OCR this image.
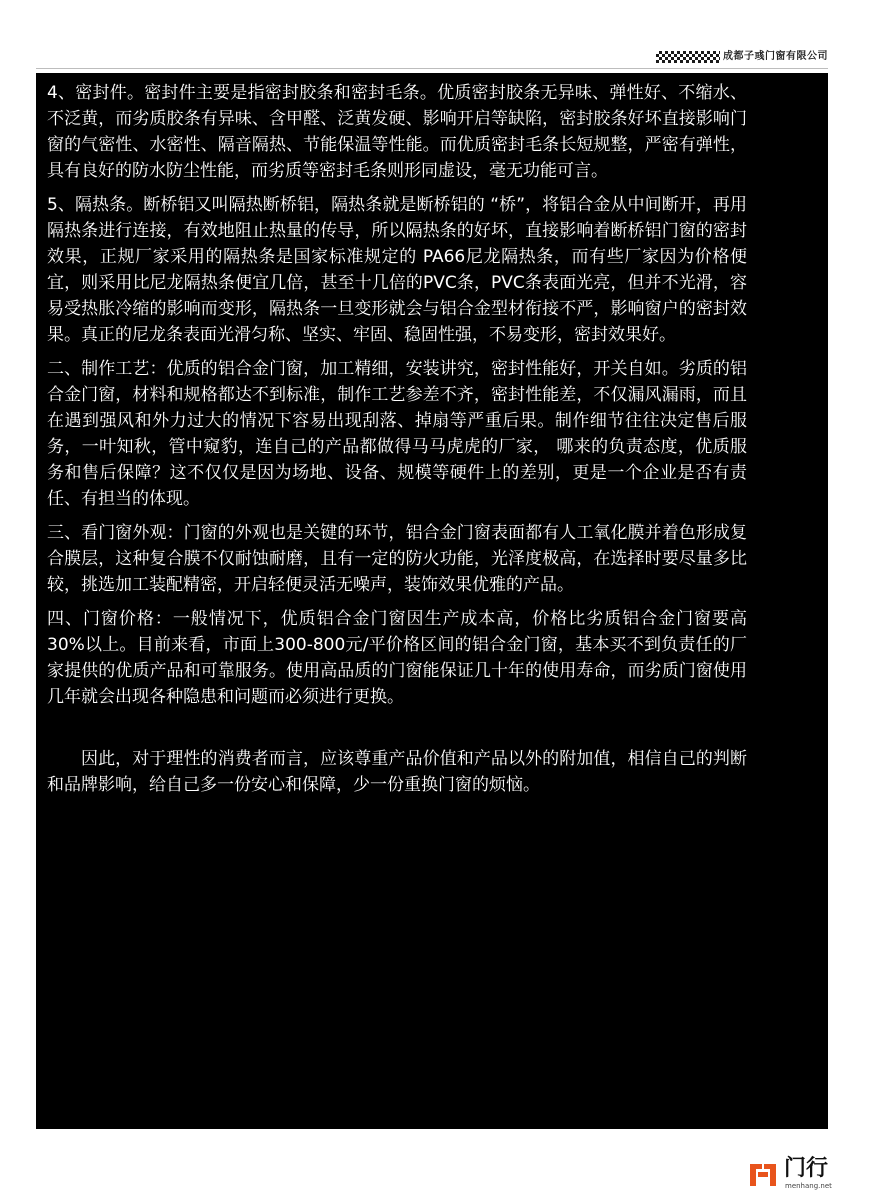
成都子彧门窗有限公司

4、密封件。密封件主要是指密封胶条和密封毛条。优质密封胶条无异味、弹性好、不缩水、不泛黄，而劣质胶条有异味、含甲醛、泛黄发硬、影响开启等缺陷，密封胶条好坏直接影响门窗的气密性、水密性、隔音隔热、节能保温等性能。而优质密封毛条长短规整，严密有弹性，具有良好的防水防尘性能，而劣质等密封毛条则形同虚设，毫无功能可言。

5、隔热条。断桥铝又叫隔热断桥铝，隔热条就是断桥铝的 “桥”，将铝合金从中间断开，再用隔热条进行连接，有效地阻止热量的传导，所以隔热条的好坏，直接影响着断桥铝门窗的密封效果，正规厂家采用的隔热条是国家标准规定的 PA66尼龙隔热条，而有些厂家因为价格便宜，则采用比尼龙隔热条便宜几倍，甚至十几倍的PVC条，PVC条表面光亮，但并不光滑，容易受热胀冷缩的影响而变形，隔热条一旦变形就会与铝合金型材衔接不严，影响窗户的密封效果。真正的尼龙条表面光滑匀称、坚实、牢固、稳固性强，不易变形，密封效果好。

二、制作工艺：优质的铝合金门窗，加工精细，安装讲究，密封性能好，开关自如。劣质的铝合金门窗，材料和规格都达不到标准，制作工艺参差不齐，密封性能差，不仅漏风漏雨，而且在遇到强风和外力过大的情况下容易出现刮落、掉扇等严重后果。制作细节往往决定售后服务，一叶知秋，管中窥豹，连自己的产品都做得马马虎虎的厂家， 哪来的负责态度，优质服务和售后保障？这不仅仅是因为场地、设备、规模等硬件上的差别，更是一个企业是否有责任、有担当的体现。

三、看门窗外观：门窗的外观也是关键的环节，铝合金门窗表面都有人工氧化膜并着色形成复合膜层，这种复合膜不仅耐蚀耐磨，且有一定的防火功能，光泽度极高，在选择时要尽量多比较，挑选加工装配精密，开启轻便灵活无噪声，装饰效果优雅的产品。

四、门窗价格：一般情况下，优质铝合金门窗因生产成本高，价格比劣质铝合金门窗要高30%以上。目前来看，市面上300-800元/平价格区间的铝合金门窗，基本买不到负责任的厂家提供的优质产品和可靠服务。使用高品质的门窗能保证几十年的使用寿命，而劣质门窗使用几年就会出现各种隐患和问题而必须进行更换。

因此，对于理性的消费者而言，应该尊重产品价值和产品以外的附加值，相信自己的判断和品牌影响，给自己多一份安心和保障，少一份重换门窗的烦恼。

门行
menhang.net
